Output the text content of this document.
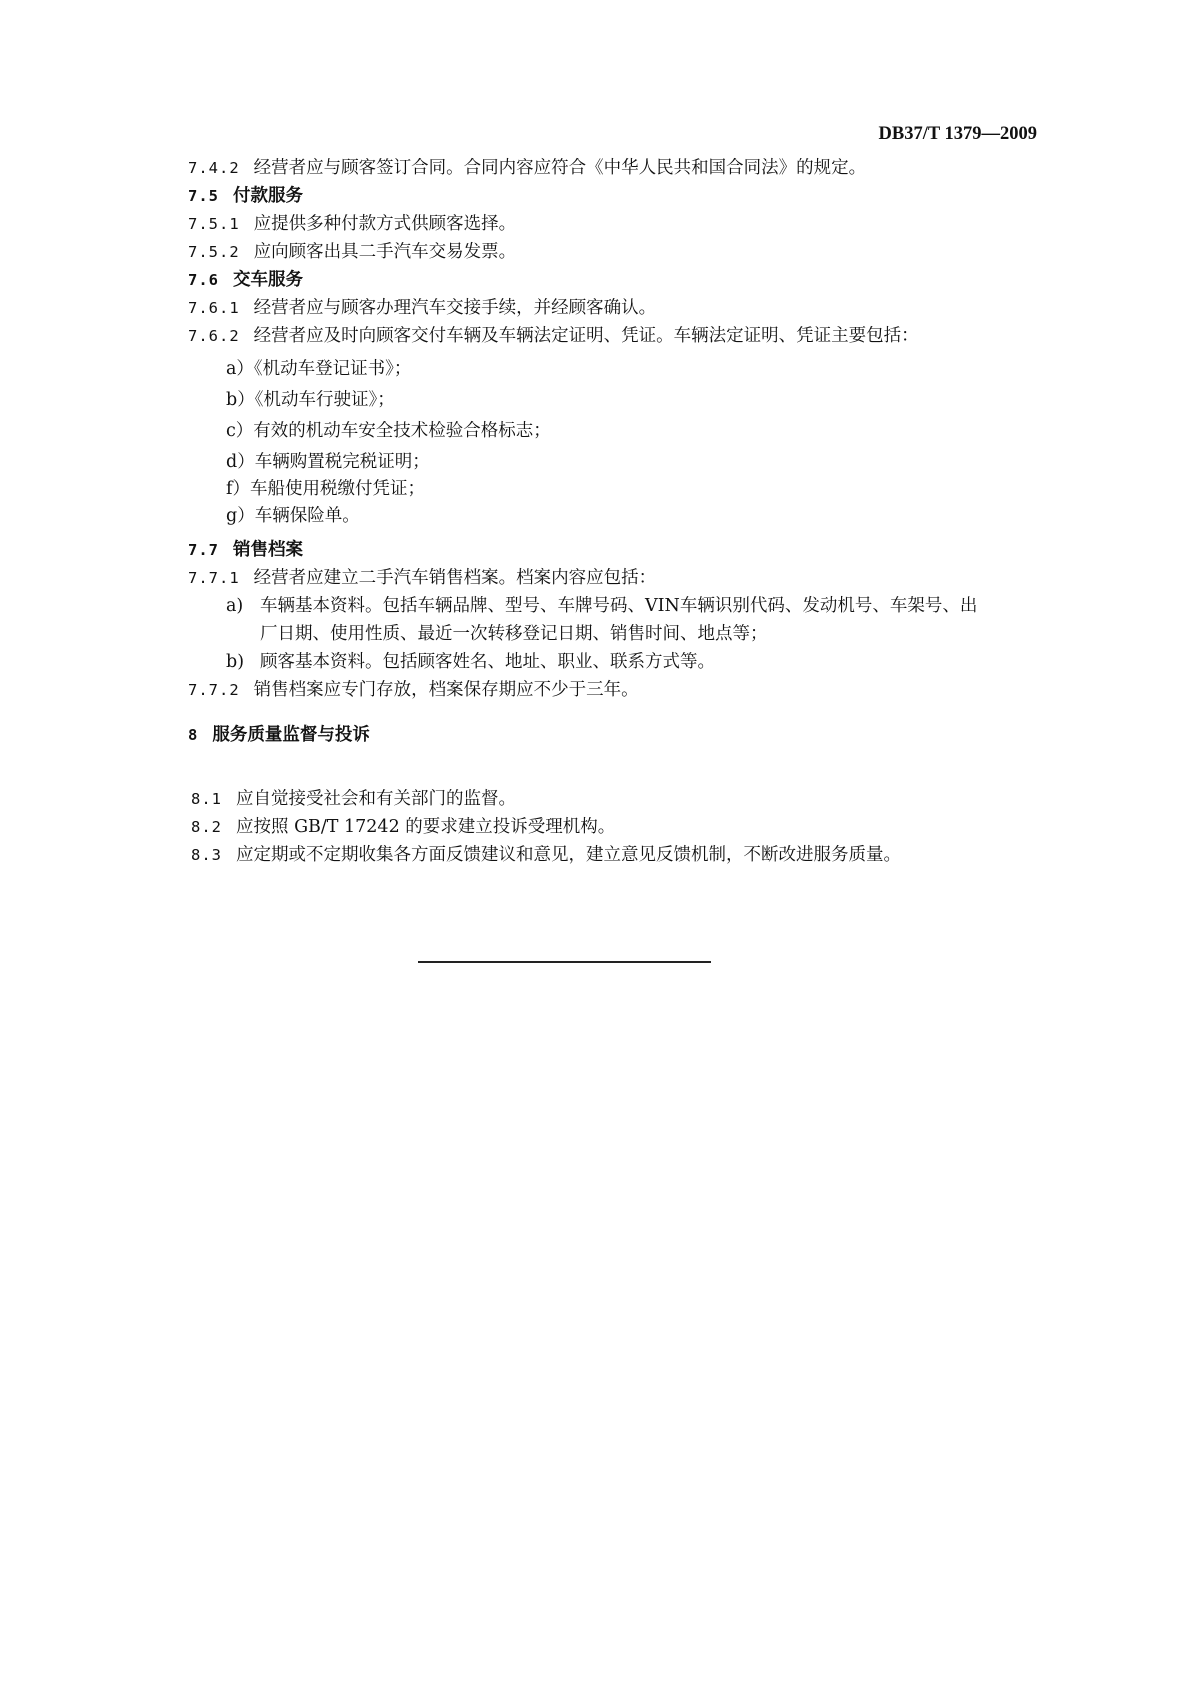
DB37/T 1379—2009
7.4.2 经营者应与顾客签订合同。合同内容应符合《中华人民共和国合同法》的规定。
7.5 付款服务
7.5.1 应提供多种付款方式供顾客选择。
7.5.2 应向顾客出具二手汽车交易发票。
7.6 交车服务
7.6.1 经营者应与顾客办理汽车交接手续，并经顾客确认。
7.6.2 经营者应及时向顾客交付车辆及车辆法定证明、凭证。车辆法定证明、凭证主要包括：
a）《机动车登记证书》；
b）《机动车行驶证》；
c）有效的机动车安全技术检验合格标志；
d）车辆购置税完税证明；
f）车船使用税缴付凭证；
g）车辆保险单。
7.7 销售档案
7.7.1 经营者应建立二手汽车销售档案。档案内容应包括：
a) 车辆基本资料。包括车辆品牌、型号、车牌号码、VIN车辆识别代码、发动机号、车架号、出
厂日期、使用性质、最近一次转移登记日期、销售时间、地点等；
b) 顾客基本资料。包括顾客姓名、地址、职业、联系方式等。
7.7.2 销售档案应专门存放，档案保存期应不少于三年。
8 服务质量监督与投诉
8.1 应自觉接受社会和有关部门的监督。
8.2 应按照 GB/T 17242 的要求建立投诉受理机构。
8.3 应定期或不定期收集各方面反馈建议和意见，建立意见反馈机制，不断改进服务质量。
